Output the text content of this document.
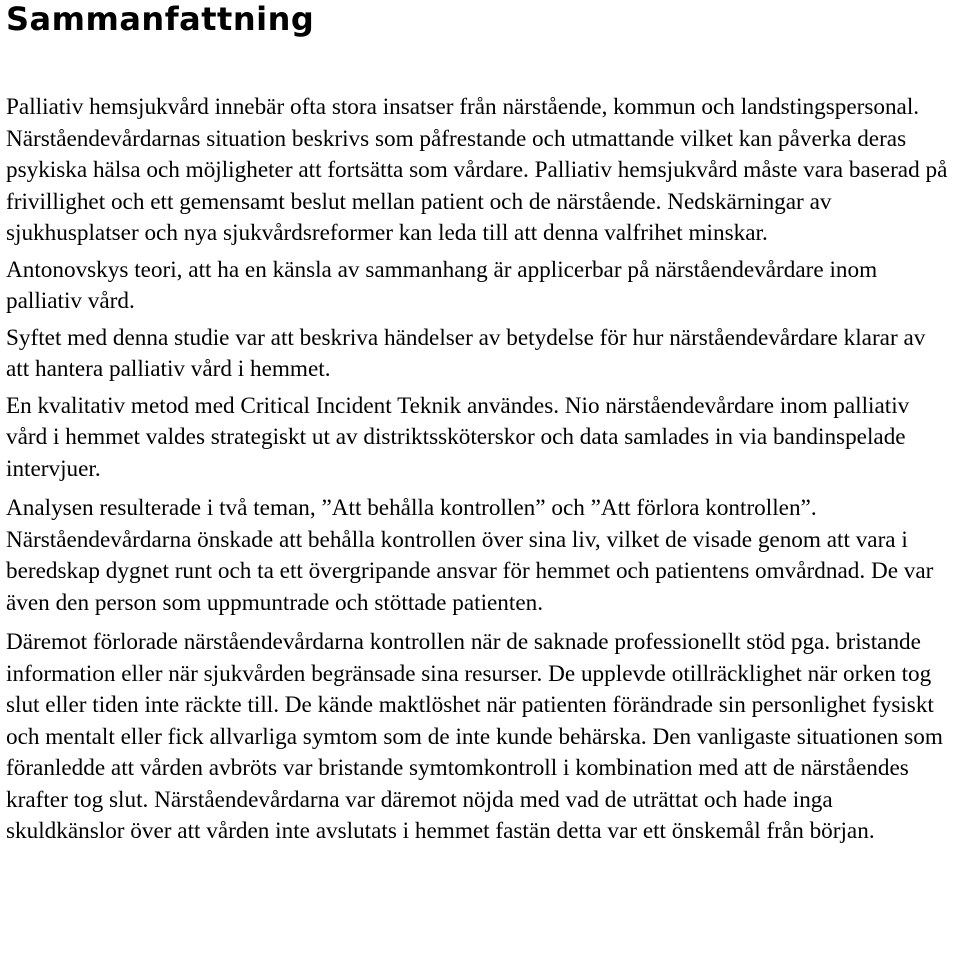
Sammanfattning

Palliativ hemsjukvård innebär ofta stora insatser från närstående, kommun och landstingspersonal. Närståendevårdarnas situation beskrivs som påfrestande och utmattande vilket kan påverka deras psykiska hälsa och möjligheter att fortsätta som vårdare. Palliativ hemsjukvård måste vara baserad på frivillighet och ett gemensamt beslut mellan patient och de närstående. Nedskärningar av sjukhusplatser och nya sjukvårdsreformer kan leda till att denna valfrihet minskar.

Antonovskys teori, att ha en känsla av sammanhang är applicerbar på närståendevårdare inom palliativ vård.

Syftet med denna studie var att beskriva händelser av betydelse för hur närståendevårdare klarar av att hantera palliativ vård i hemmet.

En kvalitativ metod med Critical Incident Teknik användes. Nio närståendevårdare inom palliativ vård i hemmet valdes strategiskt ut av distriktssköterskor och data samlades in via bandinspelade intervjuer.

Analysen resulterade i två teman, ”Att behålla kontrollen” och ”Att förlora kontrollen”. Närståendevårdarna önskade att behålla kontrollen över sina liv, vilket de visade genom att vara i beredskap dygnet runt och ta ett övergripande ansvar för hemmet och patientens omvårdnad. De var även den person som uppmuntrade och stöttade patienten.

Däremot förlorade närståendevårdarna kontrollen när de saknade professionellt stöd pga. bristande information eller när sjukvården begränsade sina resurser. De upplevde otillräcklighet när orken tog slut eller tiden inte räckte till. De kände maktlöshet när patienten förändrade sin personlighet fysiskt och mentalt eller fick allvarliga symtom som de inte kunde behärska. Den vanligaste situationen som föranledde att vården avbröts var bristande symtomkontroll i kombination med att de närståendes krafter tog slut. Närståendevårdarna var däremot nöjda med vad de uträttat och hade inga skuldkänslor över att vården inte avslutats i hemmet fastän detta var ett önskemål från början.
